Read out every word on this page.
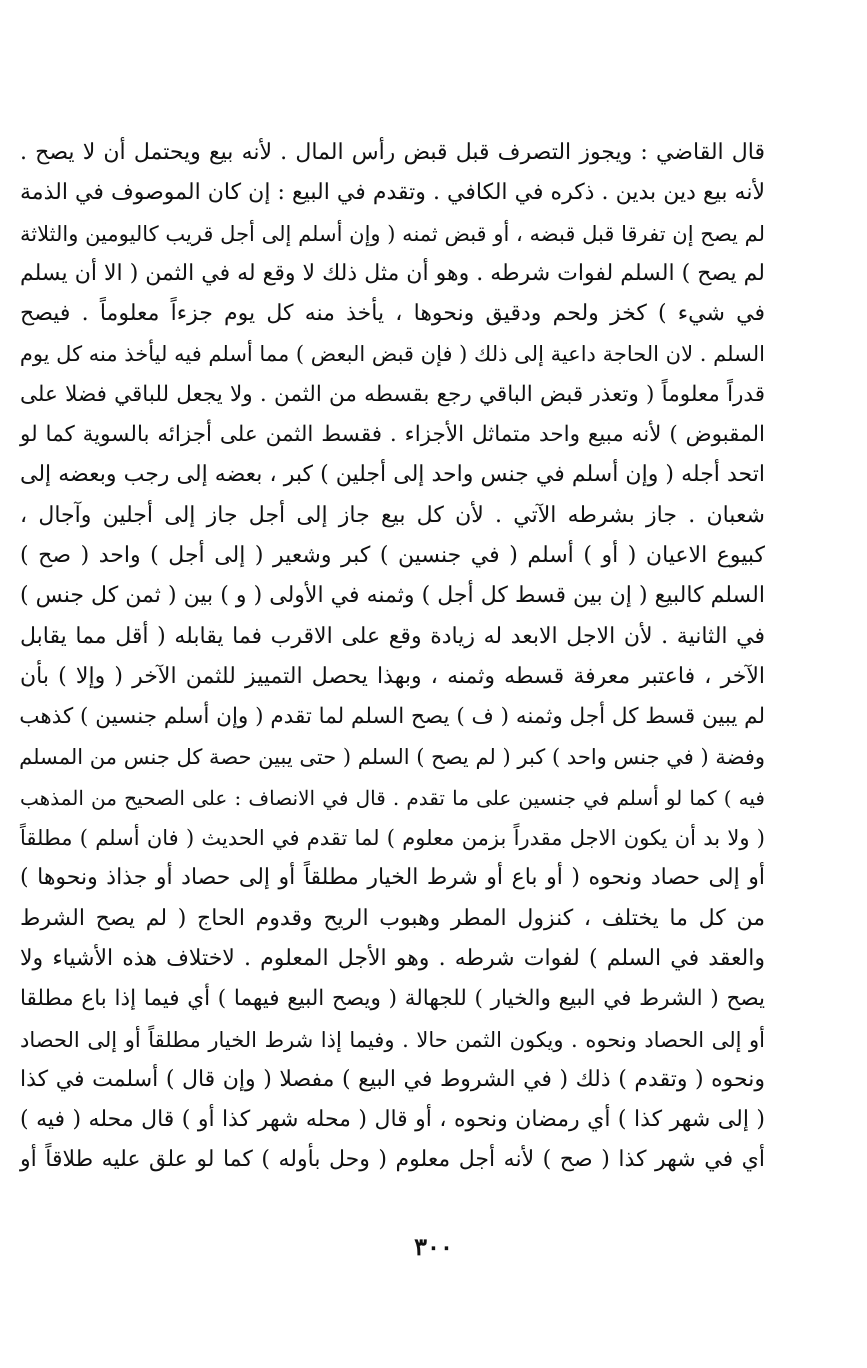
قال القاضي : ويجوز التصرف قبل قبض رأس المال . لأنه بيع ويحتمل أن لا يصح .
لأنه بيع دين بدين . ذكره في الكافي . وتقدم في البيع : إن كان الموصوف في الذمة
لم يصح إن تفرقا قبل قبضه ، أو قبض ثمنه ( وإن أسلم إلى أجل قريب كاليومين والثلاثة
لم يصح ) السلم لفوات شرطه . وهو أن مثل ذلك لا وقع له في الثمن ( الا أن يسلم
في شيء ) كخز ولحم ودقيق ونحوها ، يأخذ منه كل يوم جزءاً معلوماً . فيصح
السلم . لان الحاجة داعية إلى ذلك ( فإن قبض البعض ) مما أسلم فيه ليأخذ منه كل يوم
قدراً معلوماً ( وتعذر قبض الباقي رجع بقسطه من الثمن . ولا يجعل للباقي فضلا على
المقبوض ) لأنه مبيع واحد متماثل الأجزاء . فقسط الثمن على أجزائه بالسوية كما لو
اتحد أجله ( وإن أسلم في جنس واحد إلى أجلين ) كبر ، بعضه إلى رجب وبعضه إلى
شعبان . جاز بشرطه الآتي . لأن كل بيع جاز إلى أجل جاز إلى أجلين وآجال ،
كبيوع الاعيان ( أو ) أسلم ( في جنسين ) كبر وشعير ( إلى أجل ) واحد ( صح )
السلم كالبيع ( إن بين قسط كل أجل ) وثمنه في الأولى ( و ) بين ( ثمن كل جنس )
في الثانية . لأن الاجل الابعد له زيادة وقع على الاقرب فما يقابله ( أقل مما يقابل
الآخر ، فاعتبر معرفة قسطه وثمنه ، وبهذا يحصل التمييز للثمن الآخر ( وإلا ) بأن
لم يبين قسط كل أجل وثمنه ( ف ) يصح السلم لما تقدم ( وإن أسلم جنسين ) كذهب
وفضة ( في جنس واحد ) كبر ( لم يصح ) السلم ( حتى يبين حصة كل جنس من المسلم
فيه ) كما لو أسلم في جنسين على ما تقدم . قال في الانصاف : على الصحيح من المذهب
( ولا بد أن يكون الاجل مقدراً بزمن معلوم ) لما تقدم في الحديث ( فان أسلم ) مطلقاً
أو إلى حصاد ونحوه ( أو باع أو شرط الخيار مطلقاً أو إلى حصاد أو جذاذ ونحوها )
من كل ما يختلف ، كنزول المطر وهبوب الريح وقدوم الحاج ( لم يصح الشرط
والعقد في السلم ) لفوات شرطه . وهو الأجل المعلوم . لاختلاف هذه الأشياء ولا
يصح ( الشرط في البيع والخيار ) للجهالة ( ويصح البيع فيهما ) أي فيما إذا باع مطلقا
أو إلى الحصاد ونحوه . ويكون الثمن حالا . وفيما إذا شرط الخيار مطلقاً أو إلى الحصاد
ونحوه ( وتقدم ) ذلك ( في الشروط في البيع ) مفصلا ( وإن قال ) أسلمت في كذا
( إلى شهر كذا ) أي رمضان ونحوه ، أو قال ( محله شهر كذا أو ) قال محله ( فيه )
أي في شهر كذا ( صح ) لأنه أجل معلوم ( وحل بأوله ) كما لو علق عليه طلاقاً أو
٣٠٠
